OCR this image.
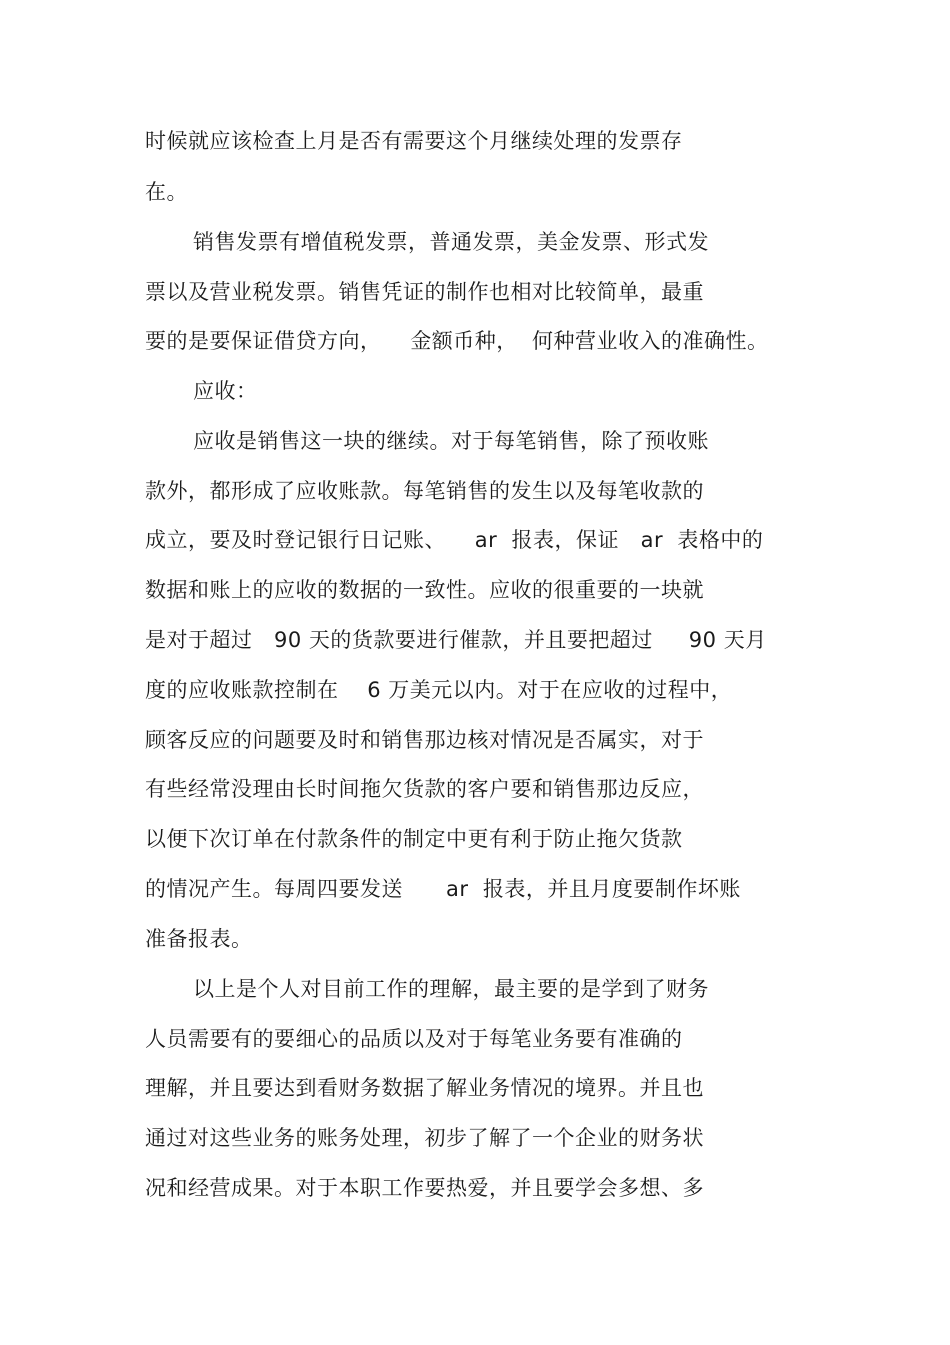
时候就应该检查上月是否有需要这个月继续处理的发票存
在。
销售发票有增值税发票，普通发票，美金发票、形式发
票以及营业税发票。销售凭证的制作也相对比较简单，最重
要的是要保证借贷方向，    金额币种，  何种营业收入的准确性。
应收：
应收是销售这一块的继续。对于每笔销售，除了预收账
款外，都形成了应收账款。每笔销售的发生以及每笔收款的
成立，要及时登记银行日记账、    ar  报表，保证   ar  表格中的
数据和账上的应收的数据的一致性。应收的很重要的一块就
是对于超过   90 天的货款要进行催款，并且要把超过     90 天月
度的应收账款控制在    6 万美元以内。对于在应收的过程中，
顾客反应的问题要及时和销售那边核对情况是否属实，对于
有些经常没理由长时间拖欠货款的客户要和销售那边反应，
以便下次订单在付款条件的制定中更有利于防止拖欠货款
的情况产生。每周四要发送      ar  报表，并且月度要制作坏账
准备报表。
以上是个人对目前工作的理解，最主要的是学到了财务
人员需要有的要细心的品质以及对于每笔业务要有准确的
理解，并且要达到看财务数据了解业务情况的境界。并且也
通过对这些业务的账务处理，初步了解了一个企业的财务状
况和经营成果。对于本职工作要热爱，并且要学会多想、多
